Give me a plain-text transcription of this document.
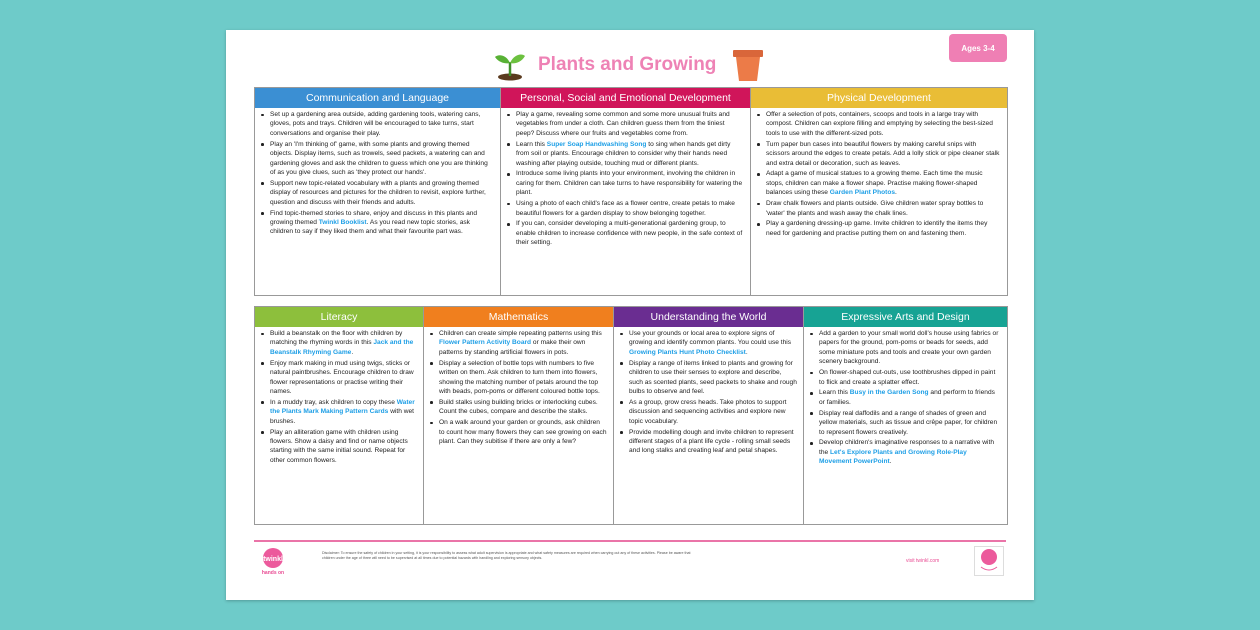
Plants and Growing
Ages 3-4
Communication and Language
Set up a gardening area outside, adding gardening tools, watering cans, gloves, pots and trays. Children will be encouraged to take turns, start conversations and organise their play.
Play an 'I'm thinking of' game, with some plants and growing themed objects. Display items, such as trowels, seed packets, a watering can and gardening gloves and ask the children to guess which one you are thinking of as you give clues, such as 'they protect our hands'.
Support new topic-related vocabulary with a plants and growing themed display of resources and pictures for the children to revisit, explore further, question and discuss with their friends and adults.
Find topic-themed stories to share, enjoy and discuss in this plants and growing themed Twinkl Booklist. As you read new topic stories, ask children to say if they liked them and what their favourite part was.
Personal, Social and Emotional Development
Play a game, revealing some common and some more unusual fruits and vegetables from under a cloth. Can children guess them from the tiniest peep? Discuss where our fruits and vegetables come from.
Learn this Super Soap Handwashing Song to sing when hands get dirty from soil or plants. Encourage children to consider why their hands need washing after playing outside, touching mud or different plants.
Introduce some living plants into your environment, involving the children in caring for them. Children can take turns to have responsibility for watering the plant.
Using a photo of each child's face as a flower centre, create petals to make beautiful flowers for a garden display to show belonging together.
If you can, consider developing a multi-generational gardening group, to enable children to increase confidence with new people, in the safe context of their setting.
Physical Development
Offer a selection of pots, containers, scoops and tools in a large tray with compost. Children can explore filling and emptying by selecting the best-sized tools to use with the different-sized pots.
Turn paper bun cases into beautiful flowers by making careful snips with scissors around the edges to create petals. Add a lolly stick or pipe cleaner stalk and extra detail or decoration, such as leaves.
Adapt a game of musical statues to a growing theme. Each time the music stops, children can make a flower shape. Practise making flower-shaped balances using these Garden Plant Photos.
Draw chalk flowers and plants outside. Give children water spray bottles to 'water' the plants and wash away the chalk lines.
Play a gardening dressing-up game. Invite children to identify the items they need for gardening and practise putting them on and fastening them.
Literacy
Build a beanstalk on the floor with children by matching the rhyming words in this Jack and the Beanstalk Rhyming Game.
Enjoy mark making in mud using twigs, sticks or natural paintbrushes. Encourage children to draw flower representations or practise writing their names.
In a muddy tray, ask children to copy these Water the Plants Mark Making Pattern Cards with wet brushes.
Play an alliteration game with children using flowers. Show a daisy and find or name objects starting with the same initial sound. Repeat for other common flowers.
Mathematics
Children can create simple repeating patterns using this Flower Pattern Activity Board or make their own patterns by standing artificial flowers in pots.
Display a selection of bottle tops with numbers to five written on them. Ask children to turn them into flowers, showing the matching number of petals around the top with beads, pom-poms or different coloured bottle tops.
Build stalks using building bricks or interlocking cubes. Count the cubes, compare and describe the stalks.
On a walk around your garden or grounds, ask children to count how many flowers they can see growing on each plant. Can they subitise if there are only a few?
Understanding the World
Use your grounds or local area to explore signs of growing and identify common plants. You could use this Growing Plants Hunt Photo Checklist.
Display a range of items linked to plants and growing for children to use their senses to explore and describe, such as scented plants, seed packets to shake and rough bulbs to observe and feel.
As a group, grow cress heads. Take photos to support discussion and sequencing activities and explore new topic vocabulary.
Provide modelling dough and invite children to represent different stages of a plant life cycle - rolling small seeds and long stalks and creating leaf and petal shapes.
Expressive Arts and Design
Add a garden to your small world doll's house using fabrics or papers for the ground, pom-poms or beads for seeds, add some miniature pots and tools and create your own garden scenery background.
On flower-shaped cut-outs, use toothbrushes dipped in paint to flick and create a splatter effect.
Learn this Busy in the Garden Song and perform to friends or families.
Display real daffodils and a range of shades of green and yellow materials, such as tissue and crêpe paper, for children to represent flowers creatively.
Develop children's imaginative responses to a narrative with the Let's Explore Plants and Growing Role-Play Movement PowerPoint.
twinkl
hands on
Disclaimer: To ensure the safety of children in your setting, it is your responsibility to assess what adult supervision is appropriate and what safety measures are required when carrying out any of these activities. Please be aware that children under the age of three will need to be supervised at all times due to potential hazards with handling and exploring sensory objects.	visit twinkl.com
